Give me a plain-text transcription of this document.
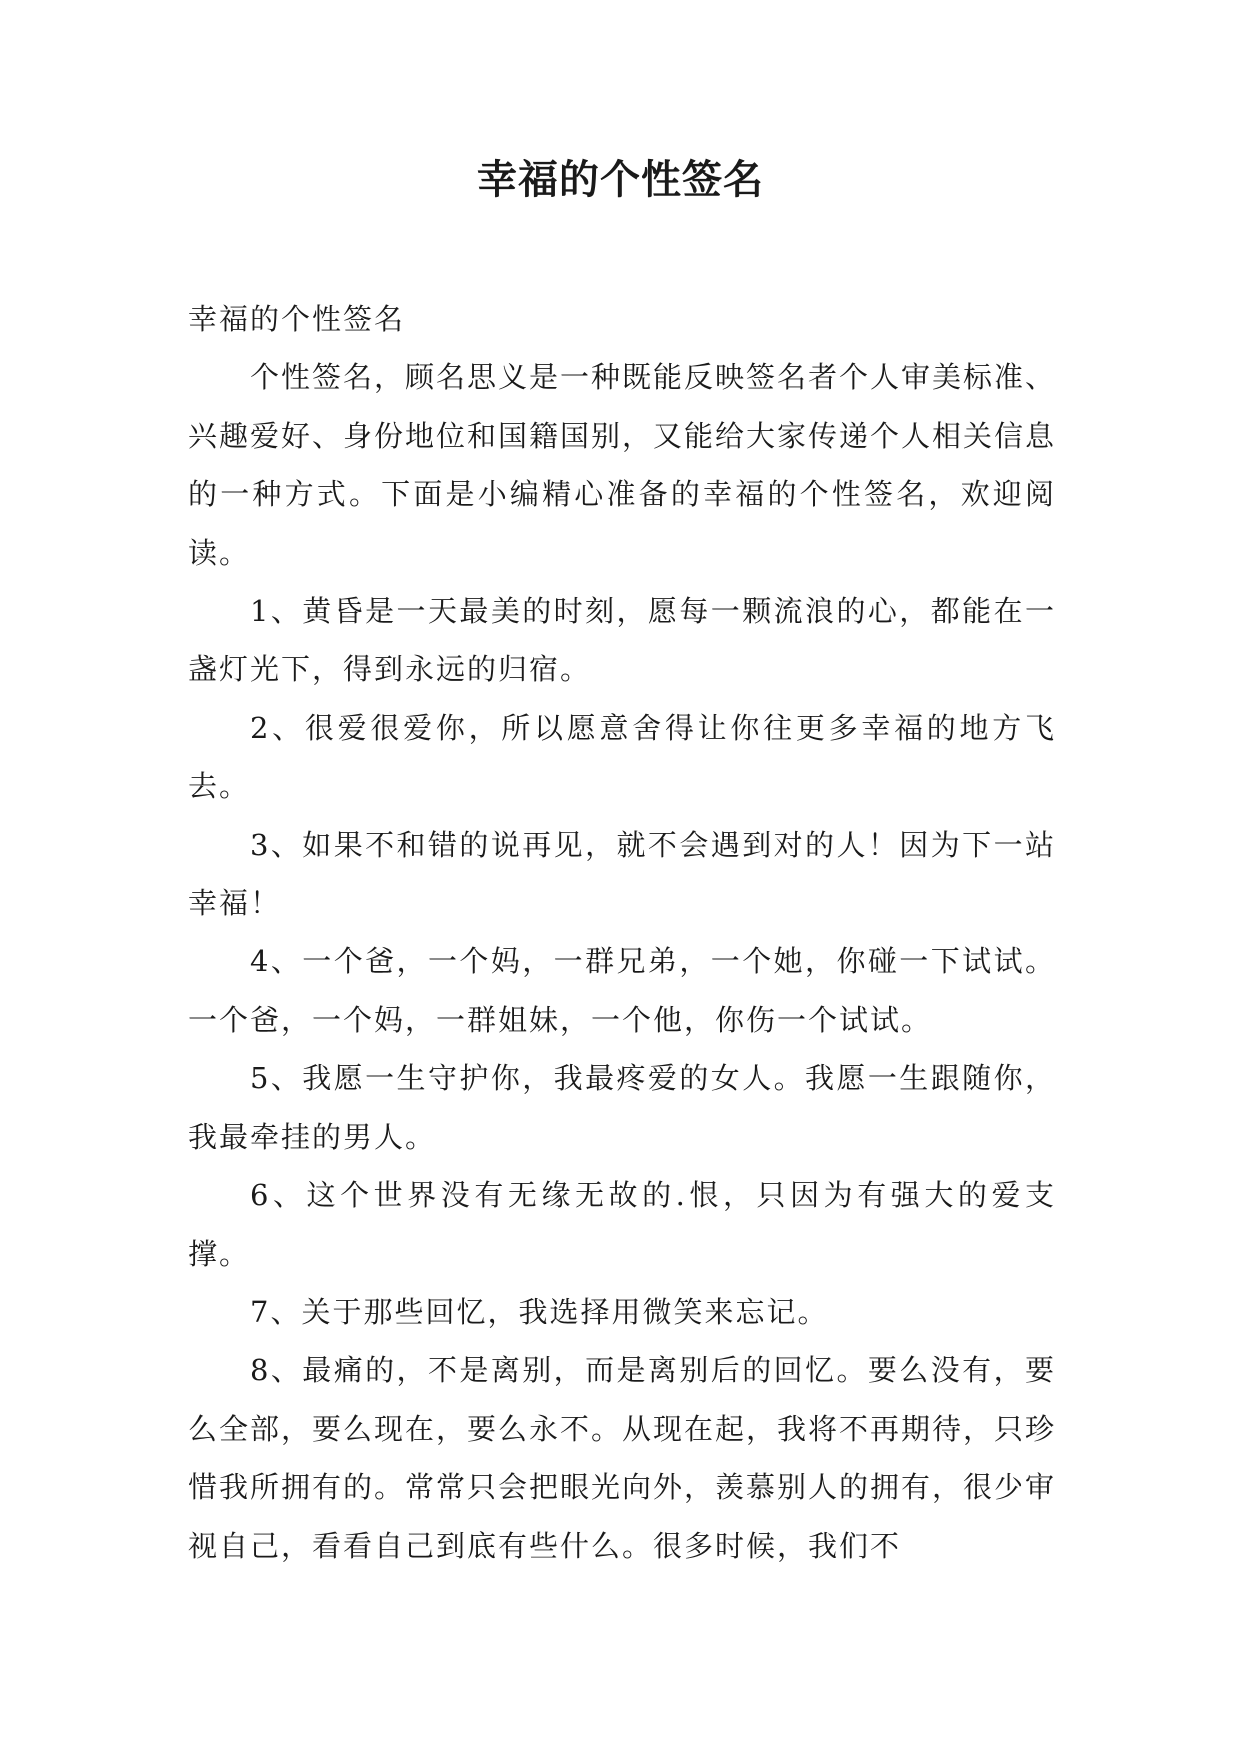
幸福的个性签名

幸福的个性签名

个性签名，顾名思义是一种既能反映签名者个人审美标准、兴趣爱好、身份地位和国籍国别，又能给大家传递个人相关信息的一种方式。下面是小编精心准备的幸福的个性签名，欢迎阅读。

1、黄昏是一天最美的时刻，愿每一颗流浪的心，都能在一盏灯光下，得到永远的归宿。

2、很爱很爱你，所以愿意舍得让你往更多幸福的地方飞去。

3、如果不和错的说再见，就不会遇到对的人！因为下一站幸福！

4、一个爸，一个妈，一群兄弟，一个她，你碰一下试试。一个爸，一个妈，一群姐妹，一个他，你伤一个试试。

5、我愿一生守护你，我最疼爱的女人。我愿一生跟随你，我最牵挂的男人。

6、这个世界没有无缘无故的.恨，只因为有强大的爱支撑。

7、关于那些回忆，我选择用微笑来忘记。

8、最痛的，不是离别，而是离别后的回忆。要么没有，要么全部，要么现在，要么永不。从现在起，我将不再期待，只珍惜我所拥有的。常常只会把眼光向外，羡慕别人的拥有，很少审视自己，看看自己到底有些什么。很多时候，我们不
